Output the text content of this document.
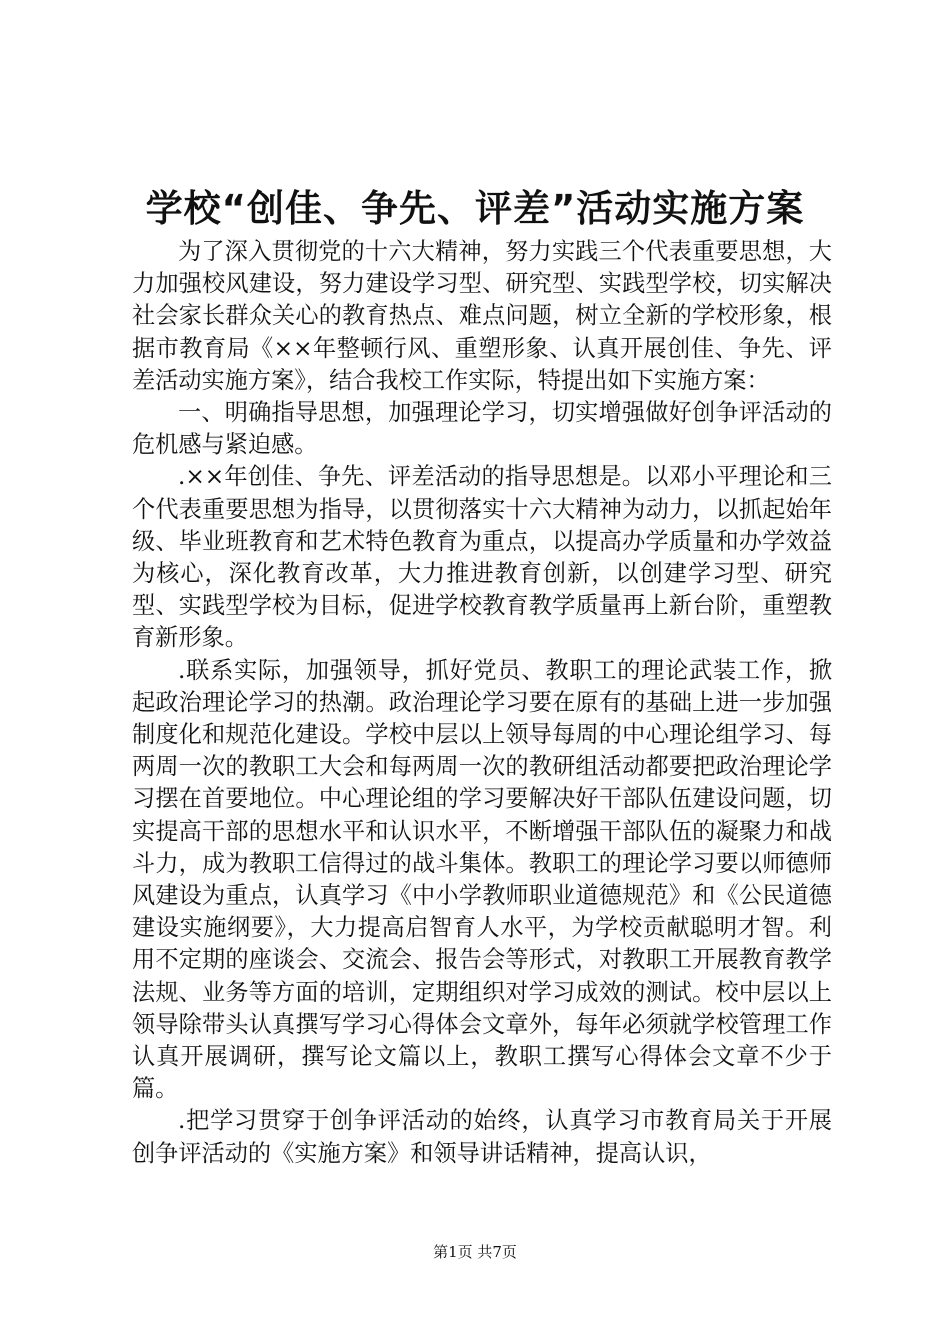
学校“创佳、争先、评差”活动实施方案

为了深入贯彻党的十六大精神，努力实践三个代表重要思想，大力加强校风建设，努力建设学习型、研究型、实践型学校，切实解决社会家长群众关心的教育热点、难点问题，树立全新的学校形象，根据市教育局《××年整顿行风、重塑形象、认真开展创佳、争先、评差活动实施方案》，结合我校工作实际，特提出如下实施方案：

一、明确指导思想，加强理论学习，切实增强做好创争评活动的危机感与紧迫感。

.××年创佳、争先、评差活动的指导思想是。以邓小平理论和三个代表重要思想为指导，以贯彻落实十六大精神为动力，以抓起始年级、毕业班教育和艺术特色教育为重点，以提高办学质量和办学效益为核心，深化教育改革，大力推进教育创新，以创建学习型、研究型、实践型学校为目标，促进学校教育教学质量再上新台阶，重塑教育新形象。

.联系实际，加强领导，抓好党员、教职工的理论武装工作，掀起政治理论学习的热潮。政治理论学习要在原有的基础上进一步加强制度化和规范化建设。学校中层以上领导每周的中心理论组学习、每两周一次的教职工大会和每两周一次的教研组活动都要把政治理论学习摆在首要地位。中心理论组的学习要解决好干部队伍建设问题，切实提高干部的思想水平和认识水平，不断增强干部队伍的凝聚力和战斗力，成为教职工信得过的战斗集体。教职工的理论学习要以师德师风建设为重点，认真学习《中小学教师职业道德规范》和《公民道德建设实施纲要》，大力提高启智育人水平，为学校贡献聪明才智。利用不定期的座谈会、交流会、报告会等形式，对教职工开展教育教学法规、业务等方面的培训，定期组织对学习成效的测试。校中层以上领导除带头认真撰写学习心得体会文章外，每年必须就学校管理工作认真开展调研，撰写论文篇以上，教职工撰写心得体会文章不少于篇。

.把学习贯穿于创争评活动的始终，认真学习市教育局关于开展创争评活动的《实施方案》和领导讲话精神，提高认识，

第1页 共7页
